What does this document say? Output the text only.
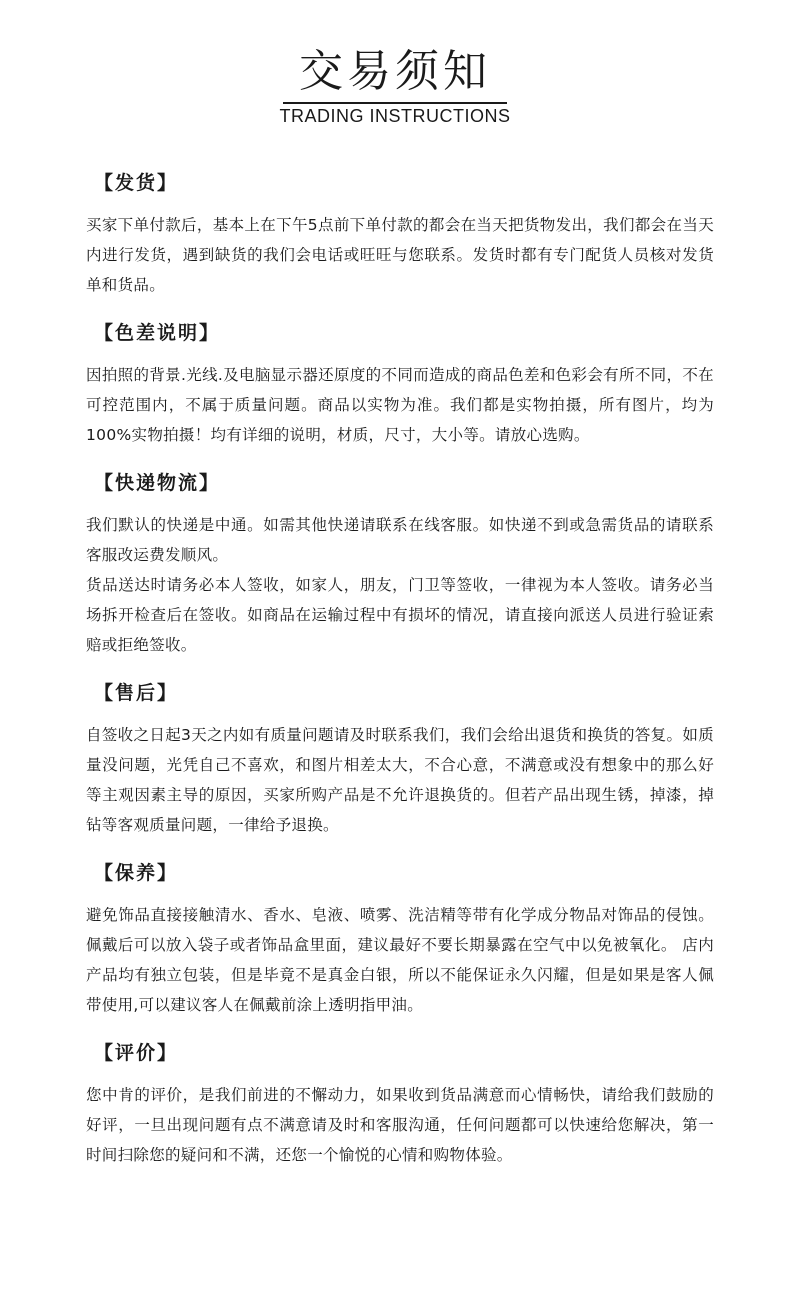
交易须知
TRADING INSTRUCTIONS
【发货】

买家下单付款后，基本上在下午5点前下单付款的都会在当天把货物发出，我们都会在当天内进行发货，遇到缺货的我们会电话或旺旺与您联系。发货时都有专门配货人员核对发货单和货品。

【色差说明】

因拍照的背景.光线.及电脑显示器还原度的不同而造成的商品色差和色彩会有所不同，不在可控范围内，不属于质量问题。商品以实物为准。我们都是实物拍摄，所有图片，均为100%实物拍摄！均有详细的说明，材质，尺寸，大小等。请放心选购。

【快递物流】

我们默认的快递是中通。如需其他快递请联系在线客服。如快递不到或急需货品的请联系客服改运费发顺风。

货品送达时请务必本人签收，如家人，朋友，门卫等签收，一律视为本人签收。请务必当场拆开检查后在签收。如商品在运输过程中有损坏的情况，请直接向派送人员进行验证索赔或拒绝签收。

【售后】

自签收之日起3天之内如有质量问题请及时联系我们，我们会给出退货和换货的答复。如质量没问题，光凭自己不喜欢，和图片相差太大，不合心意，不满意或没有想象中的那么好等主观因素主导的原因，买家所购产品是不允许退换货的。但若产品出现生锈，掉漆，掉钻等客观质量问题，一律给予退换。

【保养】

避免饰品直接接触清水、香水、皂液、喷雾、洗洁精等带有化学成分物品对饰品的侵蚀。佩戴后可以放入袋子或者饰品盒里面，建议最好不要长期暴露在空气中以免被氧化。 店内产品均有独立包装，但是毕竟不是真金白银，所以不能保证永久闪耀，但是如果是客人佩带使用,可以建议客人在佩戴前涂上透明指甲油。

【评价】

您中肯的评价，是我们前进的不懈动力，如果收到货品满意而心情畅快，请给我们鼓励的好评，一旦出现问题有点不满意请及时和客服沟通，任何问题都可以快速给您解决，第一时间扫除您的疑问和不满，还您一个愉悦的心情和购物体验。
